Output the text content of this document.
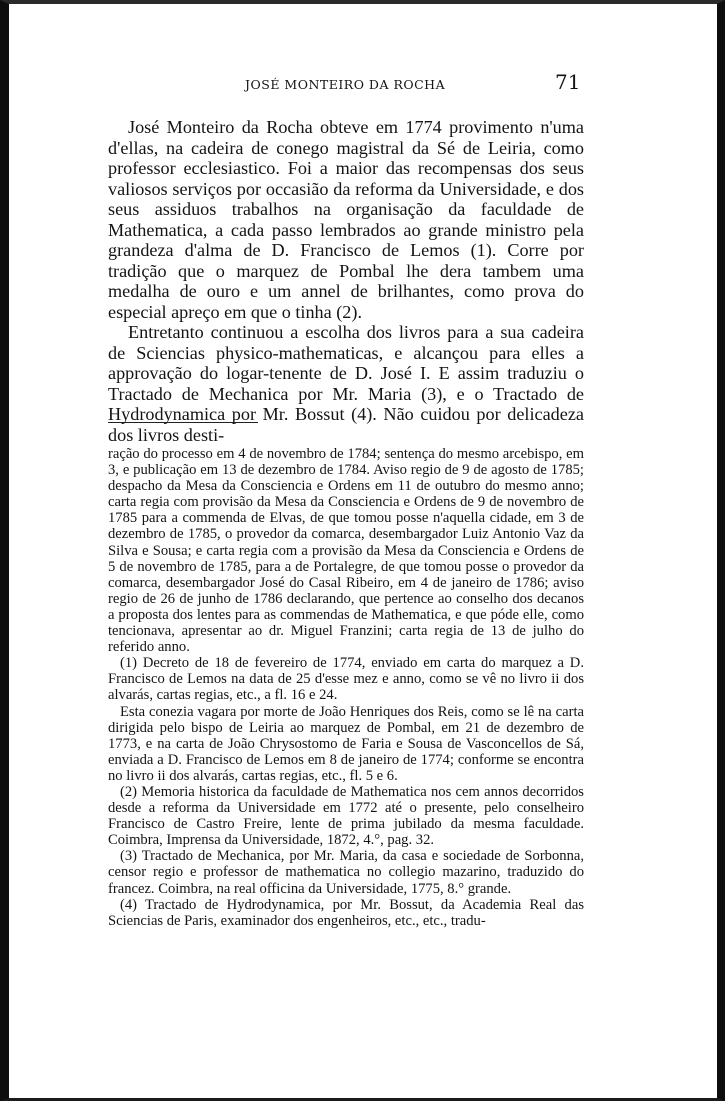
JOSÉ MONTEIRO DA ROCHA	71

José Monteiro da Rocha obteve em 1774 provimento n'uma d'ellas, na cadeira de conego magistral da Sé de Leiria, como professor ecclesiastico. Foi a maior das recompensas dos seus valiosos serviços por occasião da reforma da Universidade, e dos seus assiduos trabalhos na organisação da faculdade de Mathematica, a cada passo lembrados ao grande ministro pela grandeza d'alma de D. Francisco de Lemos (1). Corre por tradição que o marquez de Pombal lhe dera tambem uma medalha de ouro e um annel de brilhantes, como prova do especial apreço em que o tinha (2).

Entretanto continuou a escolha dos livros para a sua cadeira de Sciencias physico-mathematicas, e alcançou para elles a approvação do logar-tenente de D. José I. E assim traduziu o Tractado de Mechanica por Mr. Maria (3), e o Tractado de Hydrodynamica por Mr. Bossut (4). Não cuidou por delicadeza dos livros desti-

ração do processo em 4 de novembro de 1784; sentença do mesmo arcebispo, em 3, e publicação em 13 de dezembro de 1784. Aviso regio de 9 de agosto de 1785; despacho da Mesa da Consciencia e Ordens em 11 de outubro do mesmo anno; carta regia com provisão da Mesa da Consciencia e Ordens de 9 de novembro de 1785 para a commenda de Elvas, de que tomou posse n'aquella cidade, em 3 de dezembro de 1785, o provedor da comarca, desembargador Luiz Antonio Vaz da Silva e Sousa; e carta regia com a provisão da Mesa da Consciencia e Ordens de 5 de novembro de 1785, para a de Portalegre, de que tomou posse o provedor da comarca, desembargador José do Casal Ribeiro, em 4 de janeiro de 1786; aviso regio de 26 de junho de 1786 declarando, que pertence ao conselho dos decanos a proposta dos lentes para as commendas de Mathematica, e que póde elle, como tencionava, apresentar ao dr. Miguel Franzini; carta regia de 13 de julho do referido anno.

(1) Decreto de 18 de fevereiro de 1774, enviado em carta do marquez a D. Francisco de Lemos na data de 25 d'esse mez e anno, como se vê no livro ii dos alvarás, cartas regias, etc., a fl. 16 e 24.

Esta conezia vagara por morte de João Henriques dos Reis, como se lê na carta dirigida pelo bispo de Leiria ao marquez de Pombal, em 21 de dezembro de 1773, e na carta de João Chrysostomo de Faria e Sousa de Vasconcellos de Sá, enviada a D. Francisco de Lemos em 8 de janeiro de 1774; conforme se encontra no livro ii dos alvarás, cartas regias, etc., fl. 5 e 6.

(2) Memoria historica da faculdade de Mathematica nos cem annos decorridos desde a reforma da Universidade em 1772 até o presente, pelo conselheiro Francisco de Castro Freire, lente de prima jubilado da mesma faculdade. Coimbra, Imprensa da Universidade, 1872, 4.°, pag. 32.

(3) Tractado de Mechanica, por Mr. Maria, da casa e sociedade de Sorbonna, censor regio e professor de mathematica no collegio mazarino, traduzido do francez. Coimbra, na real officina da Universidade, 1775, 8.° grande.

(4) Tractado de Hydrodynamica, por Mr. Bossut, da Academia Real das Sciencias de Paris, examinador dos engenheiros, etc., etc., tradu-
